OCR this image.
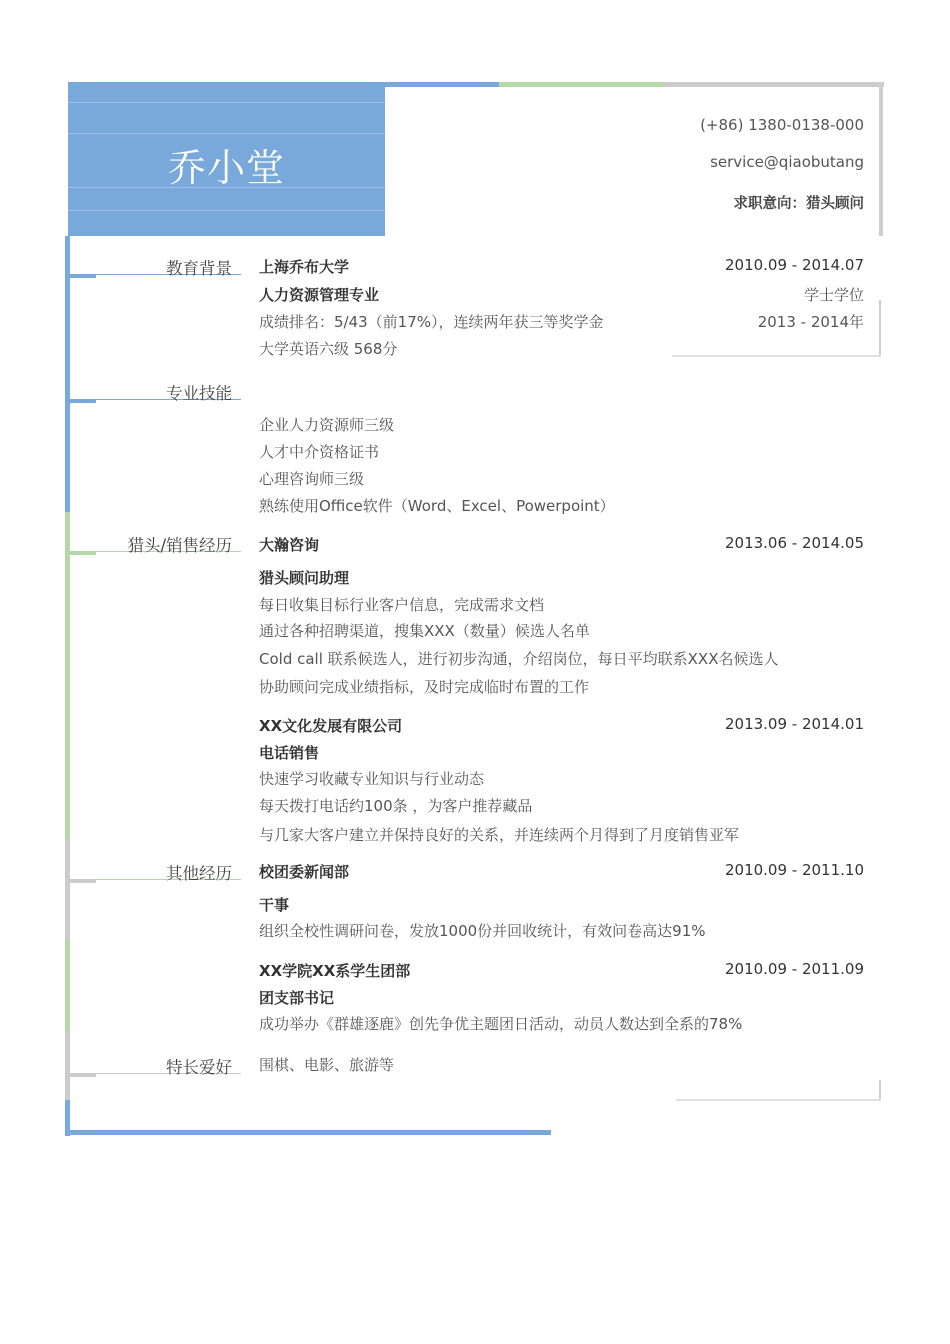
乔小堂
(+86) 1380-0138-000
service@qiaobutang
求职意向：猎头顾问
教育背景 上海乔布大学	2010.09 - 2014.07
人力资源管理专业	学士学位
成绩排名：5/43（前17%），连续两年获三等奖学金	2013 - 2014年
大学英语六级 568分
专业技能
企业人力资源师三级
人才中介资格证书
心理咨询师三级
熟练使用Office软件（Word、Excel、Powerpoint）
猎头/销售经历 大瀚咨询	2013.06 - 2014.05
猎头顾问助理
每日收集目标行业客户信息，完成需求文档
通过各种招聘渠道，搜集XXX（数量）候选人名单
Cold call 联系候选人，进行初步沟通，介绍岗位，每日平均联系XXX名候选人
协助顾问完成业绩指标，及时完成临时布置的工作
XX文化发展有限公司	2013.09 - 2014.01
电话销售
快速学习收藏专业知识与行业动态
每天拨打电话约100条 ，为客户推荐藏品
与几家大客户建立并保持良好的关系，并连续两个月得到了月度销售亚军
其他经历 校团委新闻部	2010.09 - 2011.10
干事
组织全校性调研问卷，发放1000份并回收统计，有效问卷高达91%
XX学院XX系学生团部	2010.09 - 2011.09
团支部书记
成功举办《群雄逐鹿》创先争优主题团日活动，动员人数达到全系的78%
特长爱好 围棋、电影、旅游等
